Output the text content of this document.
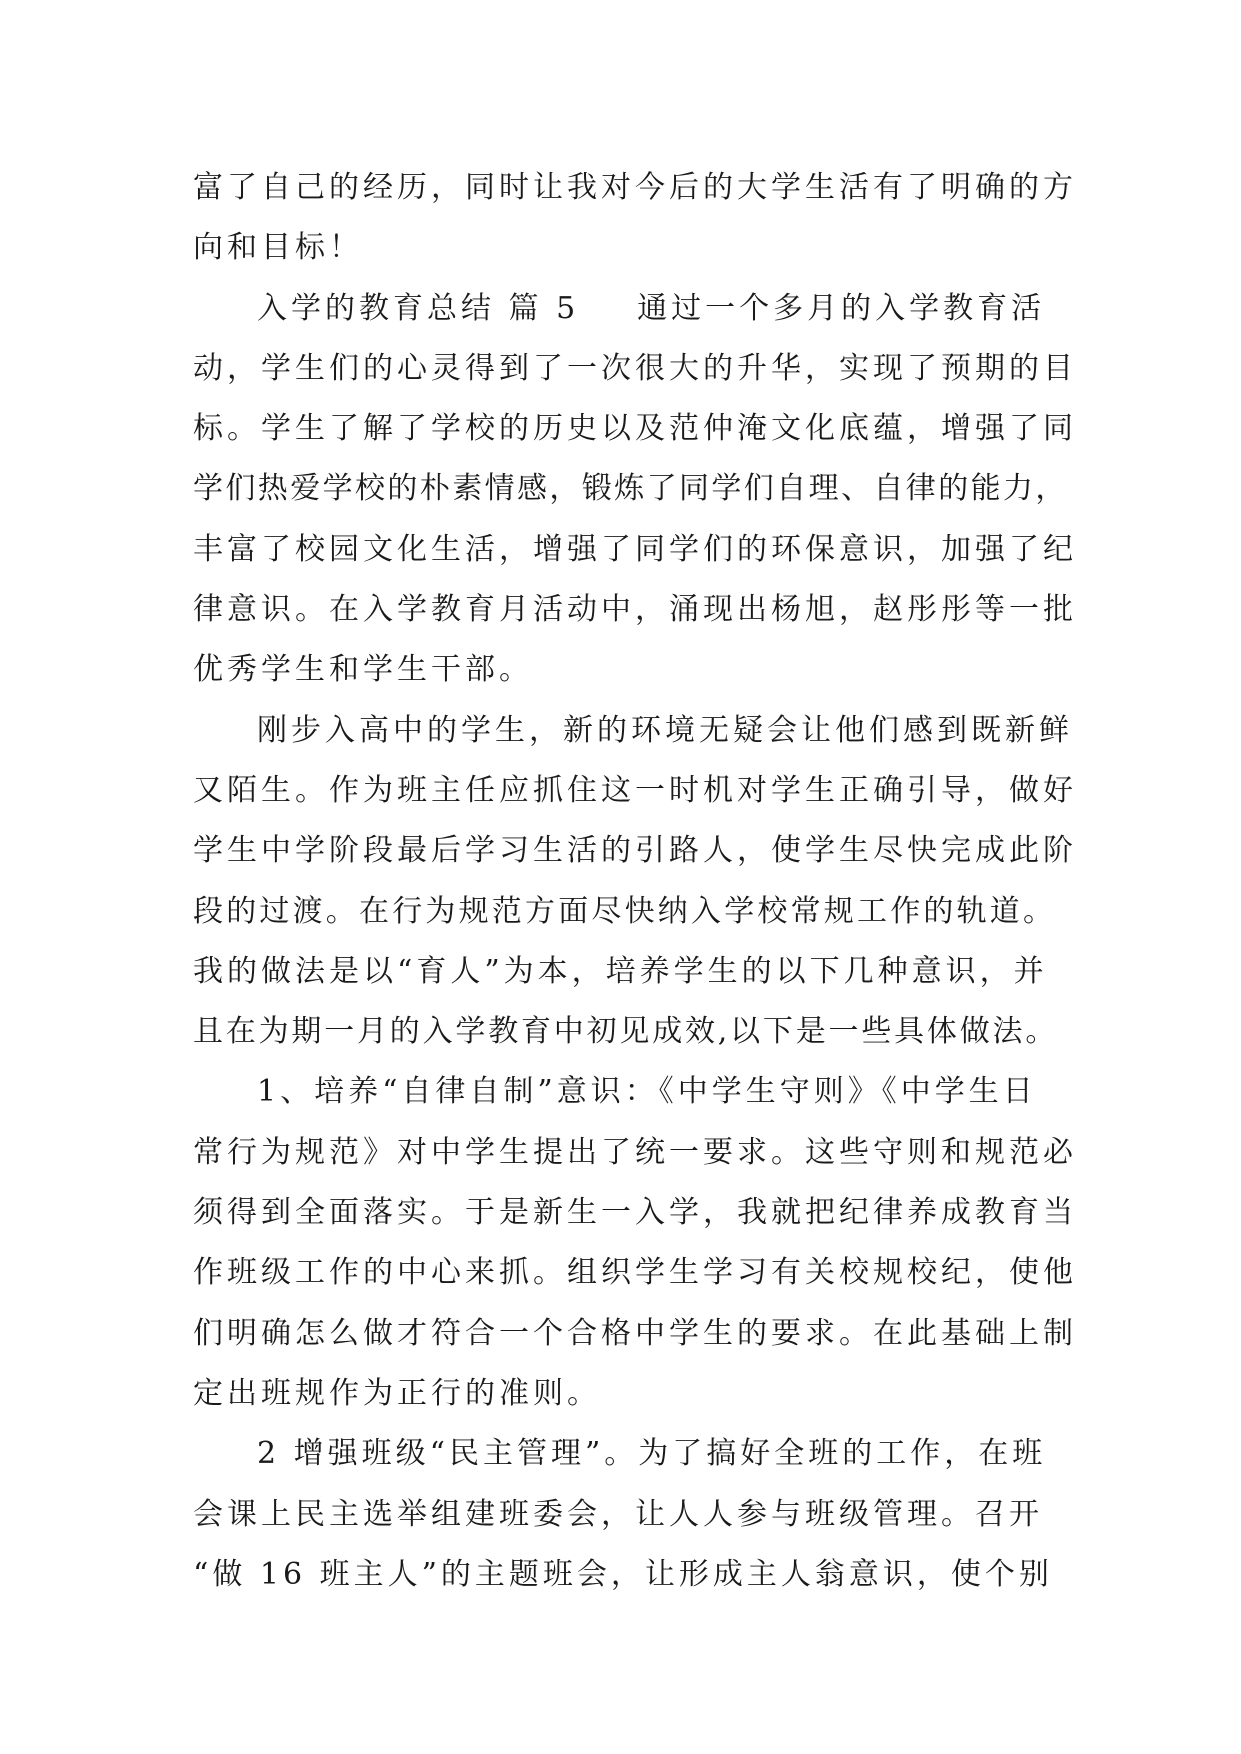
富了自己的经历，同时让我对今后的大学生活有了明确的方
向和目标！
入学的教育总结 篇 5 通过一个多月的入学教育活
动，学生们的心灵得到了一次很大的升华，实现了预期的目
标。学生了解了学校的历史以及范仲淹文化底蕴，增强了同
学们热爱学校的朴素情感，锻炼了同学们自理、自律的能力，
丰富了校园文化生活，增强了同学们的环保意识，加强了纪
律意识。在入学教育月活动中，涌现出杨旭，赵彤彤等一批
优秀学生和学生干部。
刚步入高中的学生，新的环境无疑会让他们感到既新鲜
又陌生。作为班主任应抓住这一时机对学生正确引导，做好
学生中学阶段最后学习生活的引路人，使学生尽快完成此阶
段的过渡。在行为规范方面尽快纳入学校常规工作的轨道。
我的做法是以“育人”为本，培养学生的以下几种意识，并
且在为期一月的入学教育中初见成效,以下是一些具体做法。
1、培养“自律自制”意识：《中学生守则》《中学生日
常行为规范》对中学生提出了统一要求。这些守则和规范必
须得到全面落实。于是新生一入学，我就把纪律养成教育当
作班级工作的中心来抓。组织学生学习有关校规校纪，使他
们明确怎么做才符合一个合格中学生的要求。在此基础上制
定出班规作为正行的准则。
2 增强班级“民主管理”。为了搞好全班的工作，在班
会课上民主选举组建班委会，让人人参与班级管理。召开
“做 16 班主人”的主题班会，让形成主人翁意识，使个别
